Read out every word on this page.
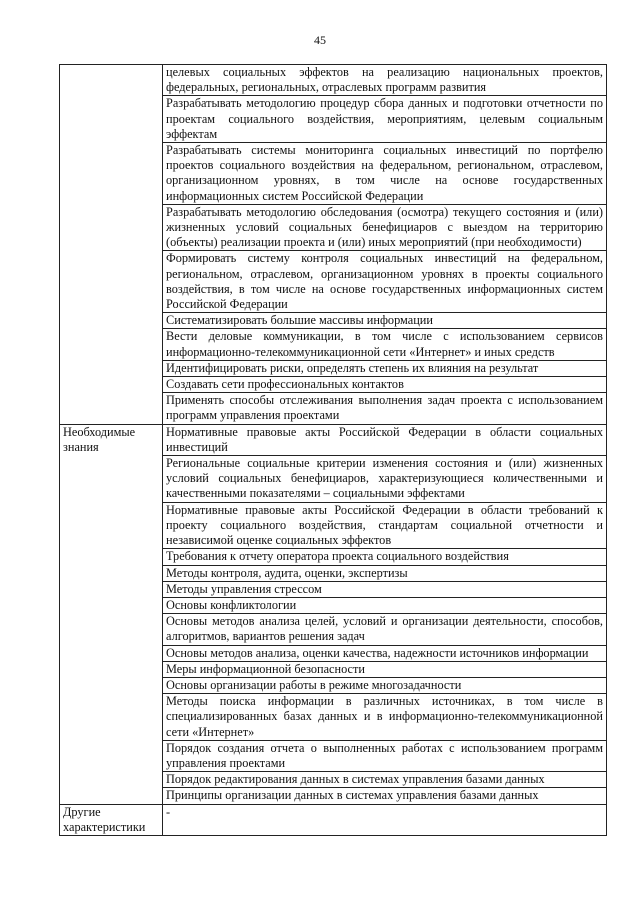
45
	целевых социальных эффектов на реализацию национальных проектов, федеральных, региональных, отраслевых программ развития
	Разрабатывать методологию процедур сбора данных и подготовки отчетности по проектам социального воздействия, мероприятиям, целевым социальным эффектам
	Разрабатывать системы мониторинга социальных инвестиций по портфелю проектов социального воздействия на федеральном, региональном, отраслевом, организационном уровнях, в том числе на основе государственных информационных систем Российской Федерации
	Разрабатывать методологию обследования (осмотра) текущего состояния и (или) жизненных условий социальных бенефициаров с выездом на территорию (объекты) реализации проекта и (или) иных мероприятий (при необходимости)
	Формировать систему контроля социальных инвестиций на федеральном, региональном, отраслевом, организационном уровнях в проекты социального воздействия, в том числе на основе государственных информационных систем Российской Федерации
	Систематизировать большие массивы информации
	Вести деловые коммуникации, в том числе с использованием сервисов информационно-телекоммуникационной сети «Интернет» и иных средств
	Идентифицировать риски, определять степень их влияния на результат
	Создавать сети профессиональных контактов
	Применять способы отслеживания выполнения задач проекта с использованием программ управления проектами
Необходимые знания	Нормативные правовые акты Российской Федерации в области социальных инвестиций
	Региональные социальные критерии изменения состояния и (или) жизненных условий социальных бенефициаров, характеризующиеся количественными и качественными показателями – социальными эффектами
	Нормативные правовые акты Российской Федерации в области требований к проекту социального воздействия, стандартам социальной отчетности и независимой оценке социальных эффектов
	Требования к отчету оператора проекта социального воздействия
	Методы контроля, аудита, оценки, экспертизы
	Методы управления стрессом
	Основы конфликтологии
	Основы методов анализа целей, условий и организации деятельности, способов, алгоритмов, вариантов решения задач
	Основы методов анализа, оценки качества, надежности источников информации
	Меры информационной безопасности
	Основы организации работы в режиме многозадачности
	Методы поиска информации в различных источниках, в том числе в специализированных базах данных и в информационно-телекоммуникационной сети «Интернет»
	Порядок создания отчета о выполненных работах с использованием программ управления проектами
	Порядок редактирования данных в системах управления базами данных
	Принципы организации данных в системах управления базами данных
Другие характеристики	-
